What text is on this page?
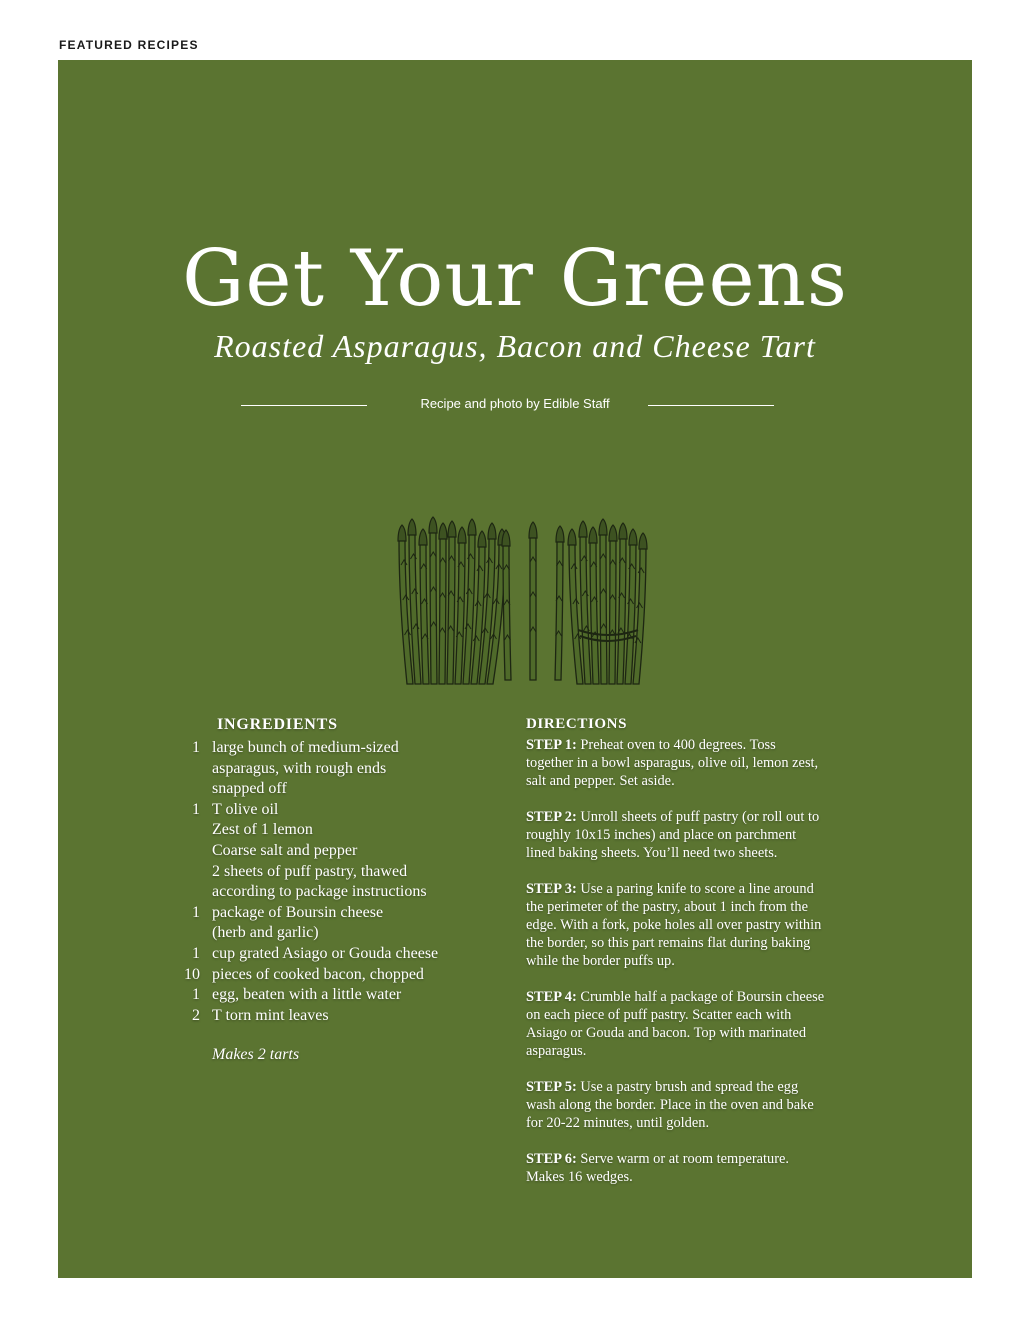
FEATURED RECIPES
Get Your Greens
Roasted Asparagus, Bacon and Cheese Tart
Recipe and photo by Edible Staff
INGREDIENTS
1 large bunch of medium-sized
asparagus, with rough ends
snapped off
1 T olive oil
Zest of 1 lemon
Coarse salt and pepper
2 sheets of puff pastry, thawed
according to package instructions
1 package of Boursin cheese
(herb and garlic)
1 cup grated Asiago or Gouda cheese
10 pieces of cooked bacon, chopped
1 egg, beaten with a little water
2 T torn mint leaves
Makes 2 tarts
DIRECTIONS
STEP 1: Preheat oven to 400 degrees. Toss together in a bowl asparagus, olive oil, lemon zest, salt and pepper. Set aside.
STEP 2: Unroll sheets of puff pastry (or roll out to roughly 10x15 inches) and place on parchment lined baking sheets. You’ll need two sheets.
STEP 3: Use a paring knife to score a line around the perimeter of the pastry, about 1 inch from the edge. With a fork, poke holes all over pastry within the border, so this part remains flat during baking while the border puffs up.
STEP 4: Crumble half a package of Boursin cheese on each piece of puff pastry. Scatter each with Asiago or Gouda and bacon. Top with marinated asparagus.
STEP 5: Use a pastry brush and spread the egg wash along the border. Place in the oven and bake for 20-22 minutes, until golden.
STEP 6: Serve warm or at room temperature. Makes 16 wedges.
